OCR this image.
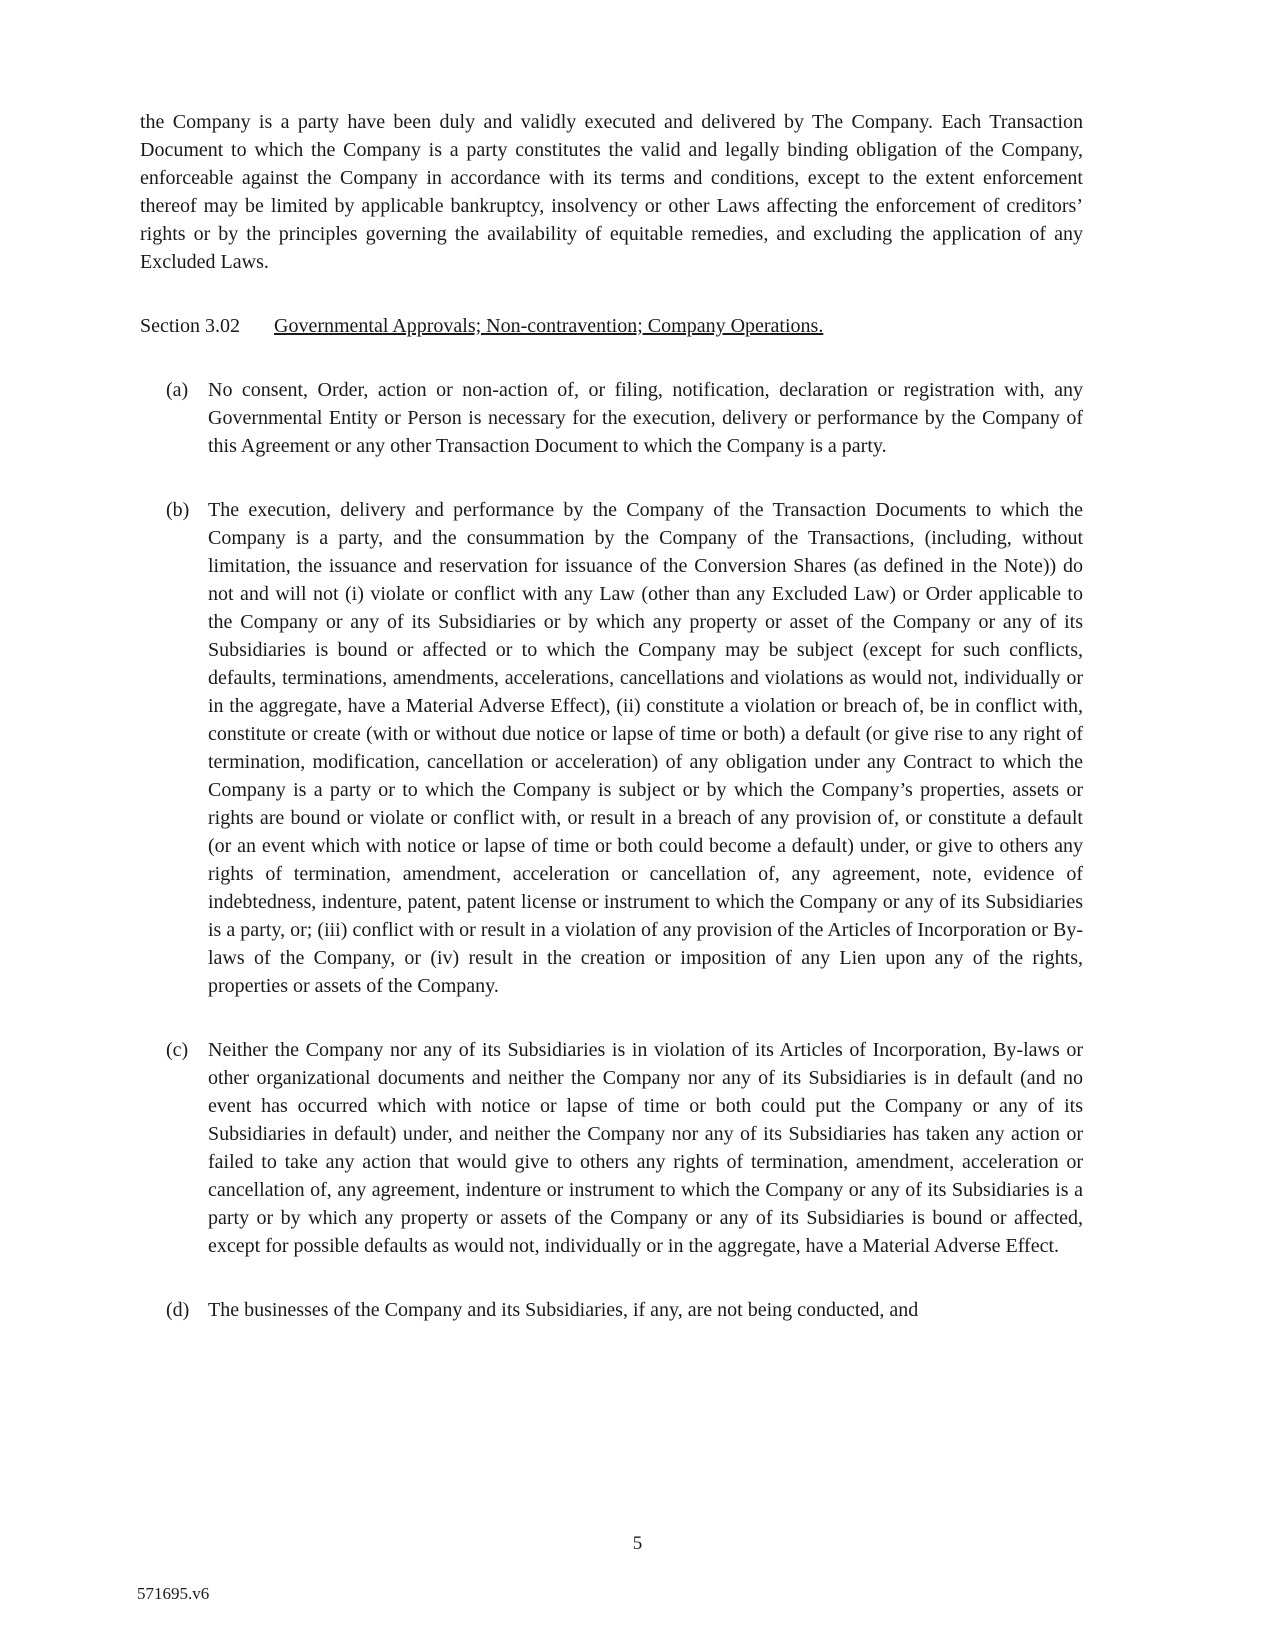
the Company is a party have been duly and validly executed and delivered by The Company. Each Transaction Document to which the Company is a party constitutes the valid and legally binding obligation of the Company, enforceable against the Company in accordance with its terms and conditions, except to the extent enforcement thereof may be limited by applicable bankruptcy, insolvency or other Laws affecting the enforcement of creditors’ rights or by the principles governing the availability of equitable remedies, and excluding the application of any Excluded Laws.

Section 3.02 Governmental Approvals; Non-contravention; Company Operations.

(a) No consent, Order, action or non-action of, or filing, notification, declaration or registration with, any Governmental Entity or Person is necessary for the execution, delivery or performance by the Company of this Agreement or any other Transaction Document to which the Company is a party.
(b) The execution, delivery and performance by the Company of the Transaction Documents to which the Company is a party, and the consummation by the Company of the Transactions, (including, without limitation, the issuance and reservation for issuance of the Conversion Shares (as defined in the Note)) do not and will not (i) violate or conflict with any Law (other than any Excluded Law) or Order applicable to the Company or any of its Subsidiaries or by which any property or asset of the Company or any of its Subsidiaries is bound or affected or to which the Company may be subject (except for such conflicts, defaults, terminations, amendments, accelerations, cancellations and violations as would not, individually or in the aggregate, have a Material Adverse Effect), (ii) constitute a violation or breach of, be in conflict with, constitute or create (with or without due notice or lapse of time or both) a default (or give rise to any right of termination, modification, cancellation or acceleration) of any obligation under any Contract to which the Company is a party or to which the Company is subject or by which the Company’s properties, assets or rights are bound or violate or conflict with, or result in a breach of any provision of, or constitute a default (or an event which with notice or lapse of time or both could become a default) under, or give to others any rights of termination, amendment, acceleration or cancellation of, any agreement, note, evidence of indebtedness, indenture, patent, patent license or instrument to which the Company or any of its Subsidiaries is a party, or; (iii) conflict with or result in a violation of any provision of the Articles of Incorporation or By-laws of the Company, or (iv) result in the creation or imposition of any Lien upon any of the rights, properties or assets of the Company.
(c) Neither the Company nor any of its Subsidiaries is in violation of its Articles of Incorporation, By-laws or other organizational documents and neither the Company nor any of its Subsidiaries is in default (and no event has occurred which with notice or lapse of time or both could put the Company or any of its Subsidiaries in default) under, and neither the Company nor any of its Subsidiaries has taken any action or failed to take any action that would give to others any rights of termination, amendment, acceleration or cancellation of, any agreement, indenture or instrument to which the Company or any of its Subsidiaries is a party or by which any property or assets of the Company or any of its Subsidiaries is bound or affected, except for possible defaults as would not, individually or in the aggregate, have a Material Adverse Effect.
(d) The businesses of the Company and its Subsidiaries, if any, are not being conducted, and
5
571695.v6
